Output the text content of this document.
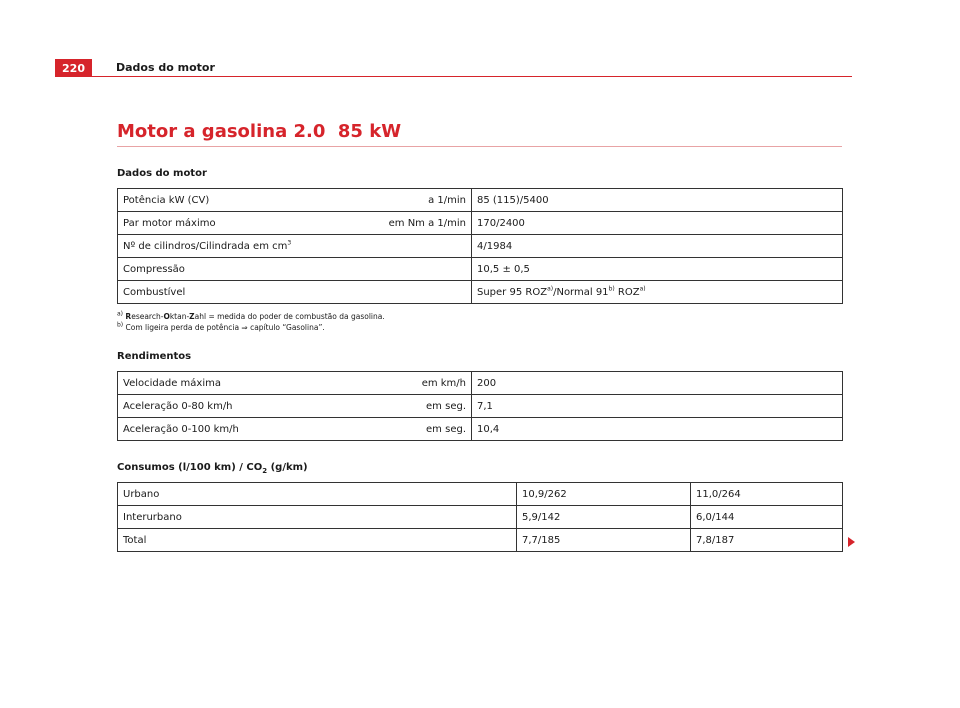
220	Dados do motor
Motor a gasolina 2.0  85 kW
Dados do motor
Potência kW (CV) a 1/min	85 (115)/5400

Par motor máximo em Nm a 1/min	170/2400

Nº de cilindros/Cilindrada em cm$^3$	4/1984

Compressão	10,5 ± 0,5

Combustível	Super 95 ROZ$^{a)}$/Normal 91$^{b)}$ ROZ$^{a)}$
$^{a)}$ Research-Oktan-Zahl = medida do poder de combustão da gasolina.
$^{b)}$ Com ligeira perda de potência ⇒ capítulo “Gasolina”.
Rendimentos
Velocidade máxima em km/h	200

Aceleração 0-80 km/h em seg.	7,1

Aceleração 0-100 km/h em seg.	10,4
Consumos (l/100 $km) / CO_2$ (g/km)
Urbano	10,9/262	11,0/264
Interurbano	5,9/142	6,0/144
Total	7,7/185	7,8/187
